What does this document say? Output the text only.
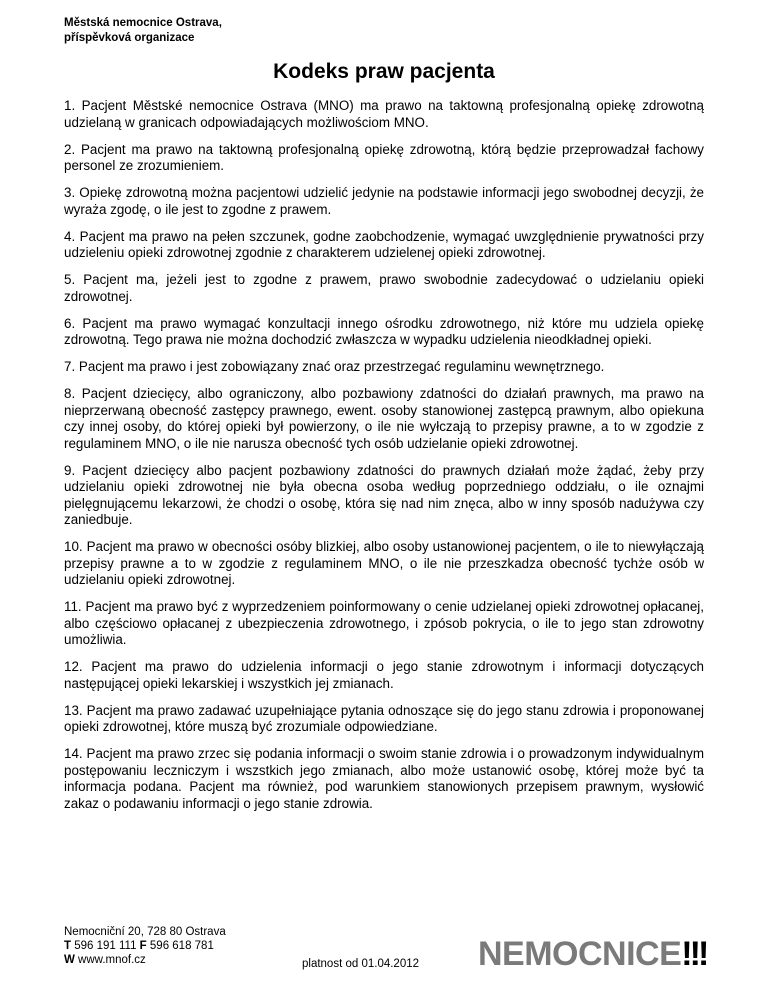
Městská nemocnice Ostrava,
příspěvková organizace
Kodeks praw pacjenta

1. Pacjent Městské nemocnice Ostrava (MNO) ma prawo na taktowną profesjonalną opiekę zdrowotną udzielaną w granicach odpowiadających możliwościom MNO.

2. Pacjent ma prawo na taktowną profesjonalną opiekę zdrowotną, którą będzie przeprowadzał fachowy personel ze zrozumieniem.

3. Opiekę zdrowotną można pacjentowi udzielić jedynie na podstawie informacji jego swobodnej decyzji, że wyraża zgodę, o ile jest to zgodne z prawem.

4. Pacjent ma prawo na pełen szczunek, godne zaobchodzenie, wymagać uwzględnienie prywatności przy udzieleniu opieki zdrowotnej zgodnie z charakterem udzielenej opieki zdrowotnej.

5. Pacjent ma, jeżeli jest to zgodne z prawem, prawo swobodnie zadecydować o udzielaniu opieki zdrowotnej.

6. Pacjent ma prawo wymagać konzultacji innego ośrodku zdrowotnego, niż które mu udziela opiekę zdrowotną. Tego prawa nie można dochodzić zwłaszcza w wypadku udzielenia nieodkładnej opieki.

7. Pacjent ma prawo i jest zobowiązany znać oraz przestrzegać regulaminu wewnętrznego.

8. Pacjent dziecięcy, albo ograniczony, albo pozbawiony zdatności do działań prawnych, ma prawo na nieprzerwaną obecność zastępcy prawnego, ewent. osoby stanowionej zastępcą prawnym, albo opiekuna czy innej osoby, do której opieki był powierzony, o ile nie wyłczają to przepisy prawne, a to w zgodzie z regulaminem MNO, o ile nie narusza obecność tych osób udzielanie opieki zdrowotnej.

9. Pacjent dziecięcy albo pacjent pozbawiony zdatności do prawnych działań może żądać, żeby przy udzielaniu opieki zdrowotnej nie była obecna osoba według poprzedniego oddziału, o ile oznajmi pielęgnującemu lekarzowi, że chodzi o osobę, która się nad nim znęca, albo w inny sposób nadużywa czy zaniedbuje.

10. Pacjent ma prawo w obecności osóby blizkiej, albo osoby ustanowionej pacjentem, o ile to niewyłączają przepisy prawne a to w zgodzie z regulaminem MNO, o ile nie przeszkadza obecność tychże osób w udzielaniu opieki zdrowotnej.

11. Pacjent ma prawo być z wyprzedzeniem poinformowany o cenie udzielanej opieki zdrowotnej opłacanej, albo częściowo opłacanej z ubezpieczenia zdrowotnego, i zpósob pokrycia, o ile to jego stan zdrowotny umożliwia.

12. Pacjent ma prawo do udzielenia informacji o jego stanie zdrowotnym i informacji dotyczących następującej opieki lekarskiej i wszystkich jej zmianach.

13. Pacjent ma prawo zadawać uzupełniające pytania odnoszące się do jego stanu zdrowia i proponowanej opieki zdrowotnej, które muszą być zrozumiale odpowiedziane.

14. Pacjent ma prawo zrzec się podania informacji o swoim stanie zdrowia i o prowadzonym indywidualnym postępowaniu leczniczym i wszstkich jego zmianach, albo może ustanowić osobę, której może być ta informacja podana. Pacjent ma również, pod warunkiem stanowionych przepisem prawnym, wysłowić zakaz o podawaniu informacji o jego stanie zdrowia.

Nemocniční 20, 728 80 Ostrava
T 596 191 111 F 596 618 781
W www.mnof.cz	platnost od 01.04.2012 NEMOCNICE!!!
